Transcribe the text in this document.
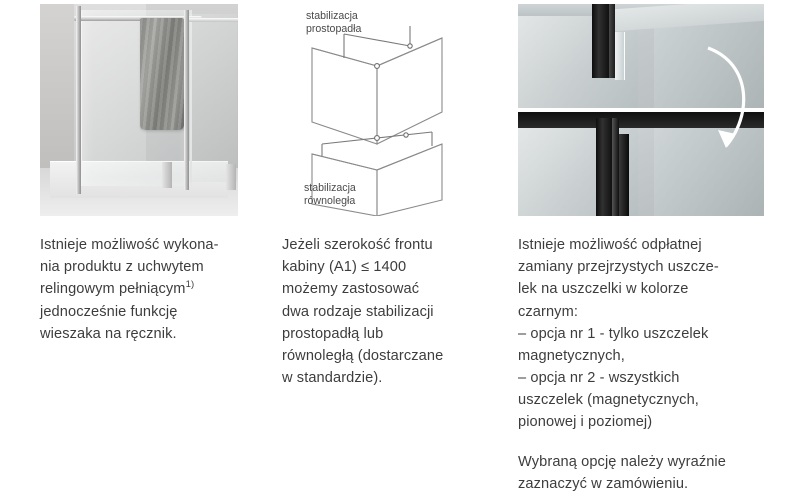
Istnieje możliwość wykona-

nia produktu z uchwytem

relingowym pełniącym$^{1)}$

jednocześnie funkcję

wieszaka na ręcznik.

stabilizacja
prostopadła
stabilizacja
równoległa

Jeżeli szerokość frontu

kabiny (A1) ≤ 1400

możemy zastosować

dwa rodzaje stabilizacji

prostopadłą lub

równoległą (dostarczane

w standardzie).

Istnieje możliwość odpłatnej

zamiany przejrzystych uszcze-

lek na uszczelki w kolorze

czarnym:

– opcja nr 1 - tylko uszczelek

magnetycznych,

– opcja nr 2 - wszystkich

uszczelek (magnetycznych,

pionowej i poziomej)

Wybraną opcję należy wyraźnie

zaznaczyć w zamówieniu.
